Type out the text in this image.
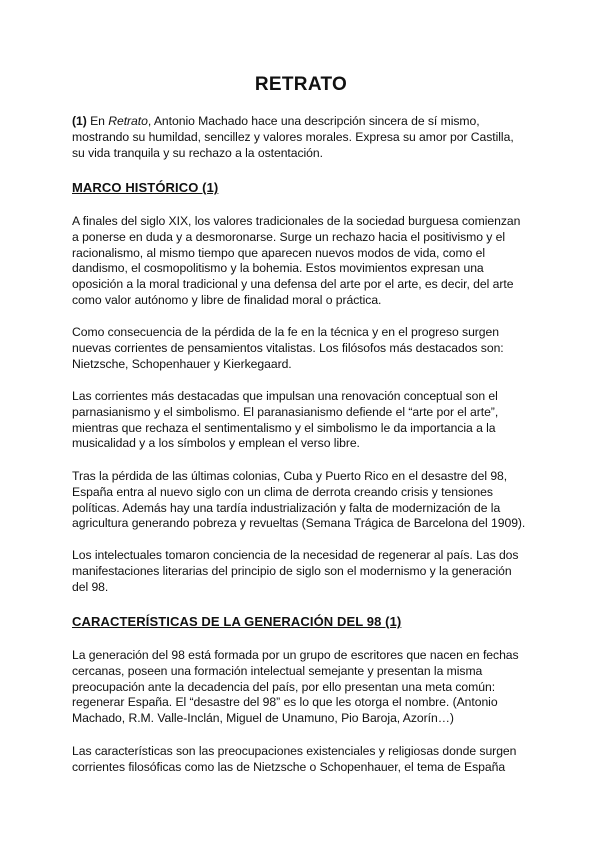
RETRATO
(1) En Retrato, Antonio Machado hace una descripción sincera de sí mismo,
mostrando su humildad, sencillez y valores morales. Expresa su amor por Castilla,
su vida tranquila y su rechazo a la ostentación.
MARCO HISTÓRICO (1)
A finales del siglo XIX, los valores tradicionales de la sociedad burguesa comienzan
a ponerse en duda y a desmoronarse. Surge un rechazo hacia el positivismo y el
racionalismo, al mismo tiempo que aparecen nuevos modos de vida, como el
dandismo, el cosmopolitismo y la bohemia. Estos movimientos expresan una
oposición a la moral tradicional y una defensa del arte por el arte, es decir, del arte
como valor autónomo y libre de finalidad moral o práctica.
Como consecuencia de la pérdida de la fe en la técnica y en el progreso surgen
nuevas corrientes de pensamientos vitalistas. Los filósofos más destacados son:
Nietzsche, Schopenhauer y Kierkegaard.
Las corrientes más destacadas que impulsan una renovación conceptual son el
parnasianismo y el simbolismo. El paranasianismo defiende el “arte por el arte”,
mientras que rechaza el sentimentalismo y el simbolismo le da importancia a la
musicalidad y a los símbolos y emplean el verso libre.
Tras la pérdida de las últimas colonias, Cuba y Puerto Rico en el desastre del 98,
España entra al nuevo siglo con un clima de derrota creando crisis y tensiones
políticas. Además hay una tardía industrialización y falta de modernización de la
agricultura generando pobreza y revueltas (Semana Trágica de Barcelona del 1909).
Los intelectuales tomaron conciencia de la necesidad de regenerar al país. Las dos
manifestaciones literarias del principio de siglo son el modernismo y la generación
del 98.
CARACTERÍSTICAS DE LA GENERACIÓN DEL 98 (1)
La generación del 98 está formada por un grupo de escritores que nacen en fechas
cercanas, poseen una formación intelectual semejante y presentan la misma
preocupación ante la decadencia del país, por ello presentan una meta común:
regenerar España. El “desastre del 98” es lo que les otorga el nombre. (Antonio
Machado, R.M. Valle-Inclán, Miguel de Unamuno, Pio Baroja, Azorín…)
Las características son las preocupaciones existenciales y religiosas donde surgen
corrientes filosóficas como las de Nietzsche o Schopenhauer, el tema de España
